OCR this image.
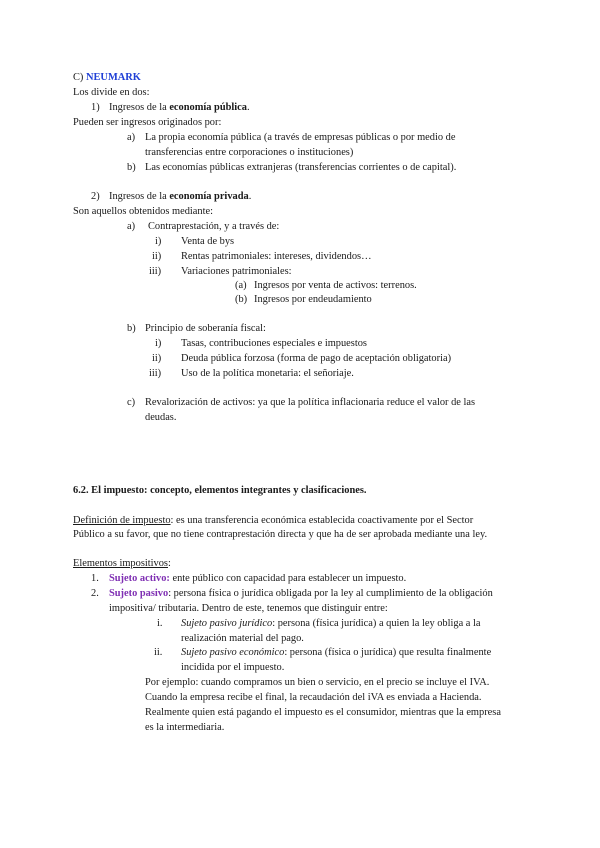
C) NEUMARK
Los divide en dos:
1) Ingresos de la economía pública.
Pueden ser ingresos originados por:
a) La propia economía pública (a través de empresas públicas o por medio de
transferencias entre corporaciones o instituciones)
b) Las economías públicas extranjeras (transferencias corrientes o de capital).
2) Ingresos de la economía privada.
Son aquellos obtenidos mediante:
a) Contraprestación, y a través de:
i) Venta de bys
ii) Rentas patrimoniales: intereses, dividendos…
iii) Variaciones patrimoniales:
(a) Ingresos por venta de activos: terrenos.
(b) Ingresos por endeudamiento
b) Principio de soberanía fiscal:
i) Tasas, contribuciones especiales e impuestos
ii) Deuda pública forzosa (forma de pago de aceptación obligatoria)
iii) Uso de la política monetaria: el señoriaje.
c) Revalorización de activos: ya que la política inflacionaria reduce el valor de las
deudas.
6.2. El impuesto: concepto, elementos integrantes y clasificaciones.
Definición de impuesto: es una transferencia económica establecida coactivamente por el Sector
Público a su favor, que no tiene contraprestación directa y que ha de ser aprobada mediante una ley.
Elementos impositivos:
1. Sujeto activo: ente público con capacidad para establecer un impuesto.
2. Sujeto pasivo: persona física o jurídica obligada por la ley al cumplimiento de la obligación
impositiva/ tributaria. Dentro de este, tenemos que distinguir entre:
i. Sujeto pasivo jurídico: persona (física jurídica) a quien la ley obliga a la
realización material del pago.
ii. Sujeto pasivo económico: persona (física o jurídica) que resulta finalmente
incidida por el impuesto.
Por ejemplo: cuando compramos un bien o servicio, en el precio se incluye el IVA.
Cuando la empresa recibe el final, la recaudación del iVA es enviada a Hacienda.
Realmente quien está pagando el impuesto es el consumidor, mientras que la empresa
es la intermediaria.
